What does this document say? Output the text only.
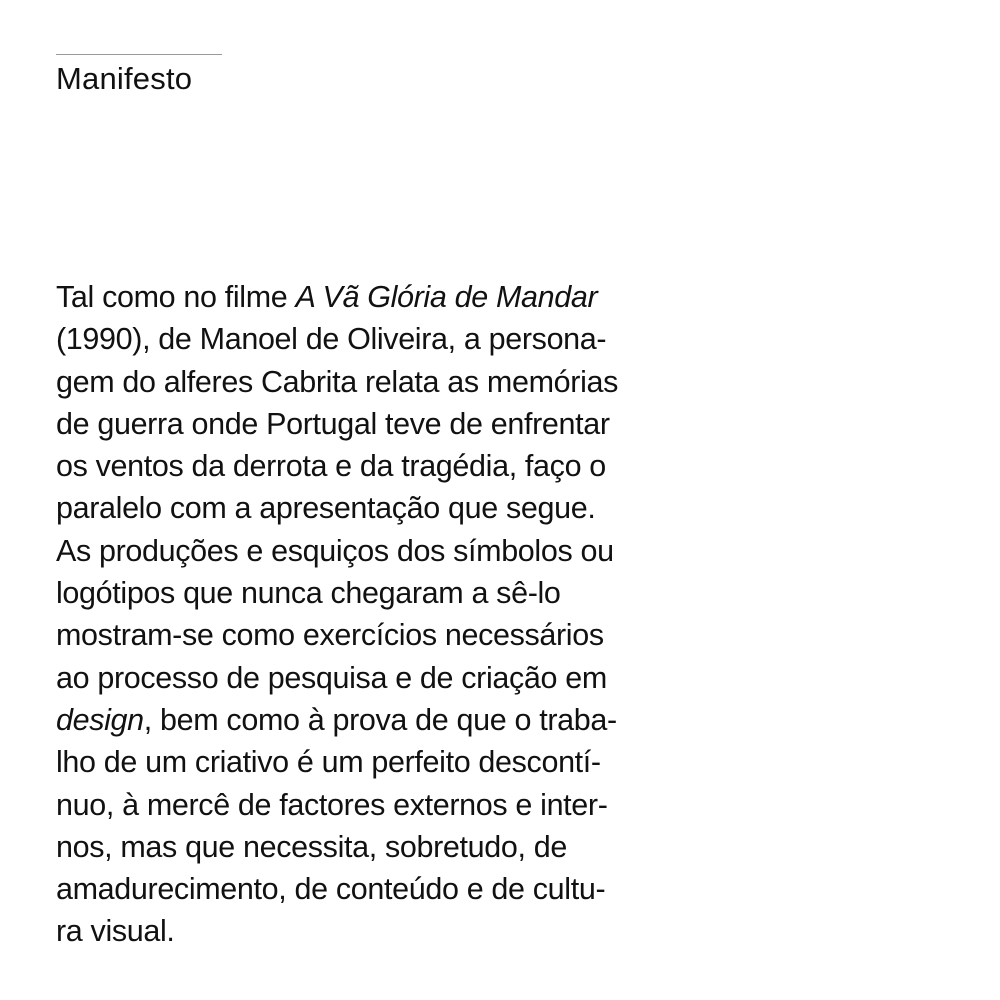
Manifesto

Tal como no filme A Vã Glória de Mandar
(1990), de Manoel de Oliveira, a persona-
gem do alferes Cabrita relata as memórias
de guerra onde Portugal teve de enfrentar
os ventos da derrota e da tragédia, faço o
paralelo com a apresentação que segue.
As produções e esquiços dos símbolos ou
logótipos que nunca chegaram a sê-lo
mostram-se como exercícios necessários
ao processo de pesquisa e de criação em
design, bem como à prova de que o traba-
lho de um criativo é um perfeito descontí-
nuo, à mercê de factores externos e inter-
nos, mas que necessita, sobretudo, de
amadurecimento, de conteúdo e de cultu-
ra visual.
